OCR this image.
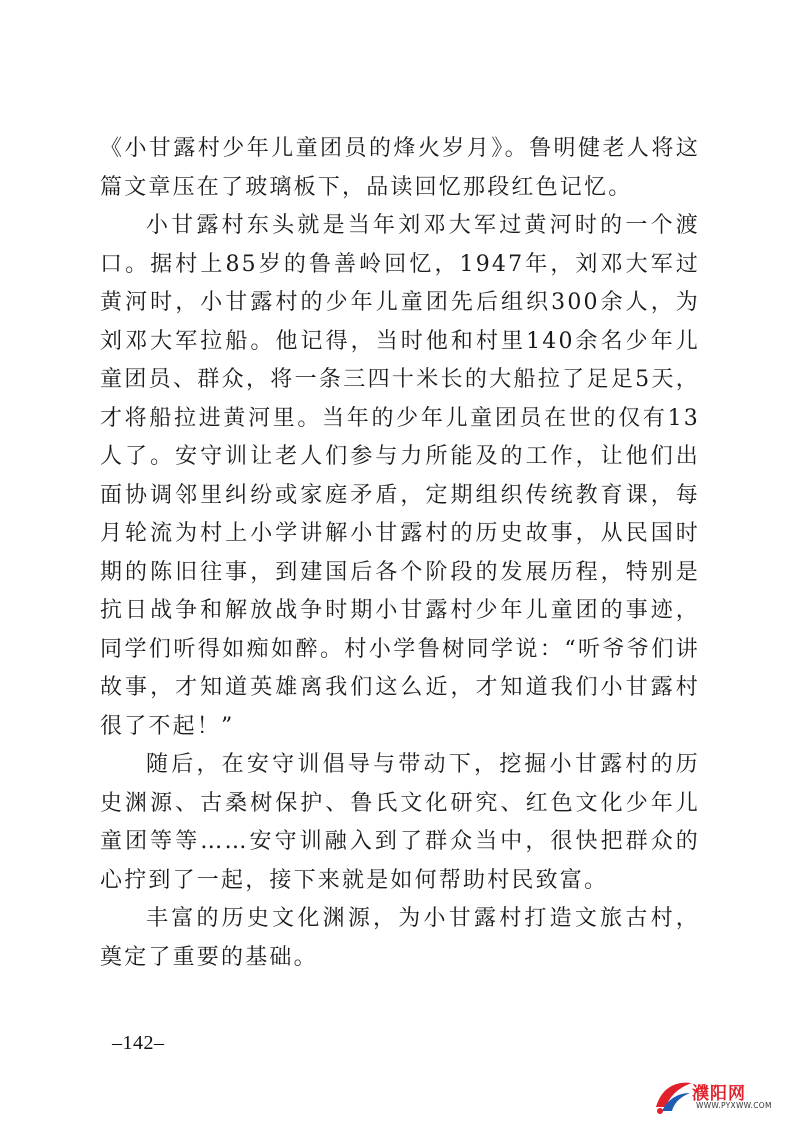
《小甘露村少年儿童团员的烽火岁月》。鲁明健老人将这篇文章压在了玻璃板下，品读回忆那段红色记忆。

小甘露村东头就是当年刘邓大军过黄河时的一个渡口。据村上85岁的鲁善岭回忆，1947年，刘邓大军过黄河时，小甘露村的少年儿童团先后组织300余人，为刘邓大军拉船。他记得，当时他和村里140余名少年儿童团员、群众，将一条三四十米长的大船拉了足足5天，才将船拉进黄河里。当年的少年儿童团员在世的仅有13人了。安守训让老人们参与力所能及的工作，让他们出面协调邻里纠纷或家庭矛盾，定期组织传统教育课，每月轮流为村上小学讲解小甘露村的历史故事，从民国时期的陈旧往事，到建国后各个阶段的发展历程，特别是抗日战争和解放战争时期小甘露村少年儿童团的事迹，同学们听得如痴如醉。村小学鲁树同学说：“听爷爷们讲故事，才知道英雄离我们这么近，才知道我们小甘露村很了不起！”

随后，在安守训倡导与带动下，挖掘小甘露村的历史渊源、古桑树保护、鲁氏文化研究、红色文化少年儿童团等等……安守训融入到了群众当中，很快把群众的心拧到了一起，接下来就是如何帮助村民致富。

丰富的历史文化渊源，为小甘露村打造文旅古村，奠定了重要的基础。

–142–
濮阳网
WWW.PYXWW.COM
